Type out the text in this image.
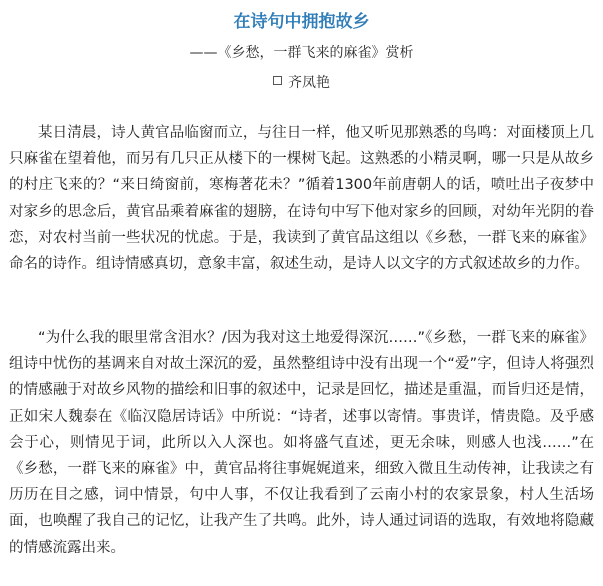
在诗句中拥抱故乡

——《乡愁，一群飞来的麻雀》赏析

齐凤艳

某日清晨，诗人黄官品临窗而立，与往日一样，他又听见那熟悉的鸟鸣：对面楼顶上几只麻雀在望着他，而另有几只正从楼下的一棵树飞起。这熟悉的小精灵啊，哪一只是从故乡的村庄飞来的？“来日绮窗前，寒梅著花未？”循着1300年前唐朝人的话，喷吐出子夜梦中对家乡的思念后，黄官品乘着麻雀的翅膀，在诗句中写下他对家乡的回顾，对幼年光阴的眷恋，对农村当前一些状况的忧虑。于是，我读到了黄官品这组以《乡愁，一群飞来的麻雀》命名的诗作。组诗情感真切，意象丰富，叙述生动，是诗人以文字的方式叙述故乡的力作。

“为什么我的眼里常含泪水？/因为我对这土地爱得深沉……”《乡愁，一群飞来的麻雀》组诗中忧伤的基调来自对故土深沉的爱，虽然整组诗中没有出现一个“爱”字，但诗人将强烈的情感融于对故乡风物的描绘和旧事的叙述中，记录是回忆，描述是重温，而旨归还是情，正如宋人魏泰在《临汉隐居诗话》中所说：“诗者，述事以寄情。事贵详，情贵隐。及乎感会于心，则情见于词，此所以入人深也。如将盛气直述，更无余味，则感人也浅……”在《乡愁，一群飞来的麻雀》中，黄官品将往事娓娓道来，细致入微且生动传神，让我读之有历历在目之感，词中情景，句中人事，不仅让我看到了云南小村的农家景象，村人生活场面，也唤醒了我自己的记忆，让我产生了共鸣。此外，诗人通过词语的选取，有效地将隐藏的情感流露出来。
